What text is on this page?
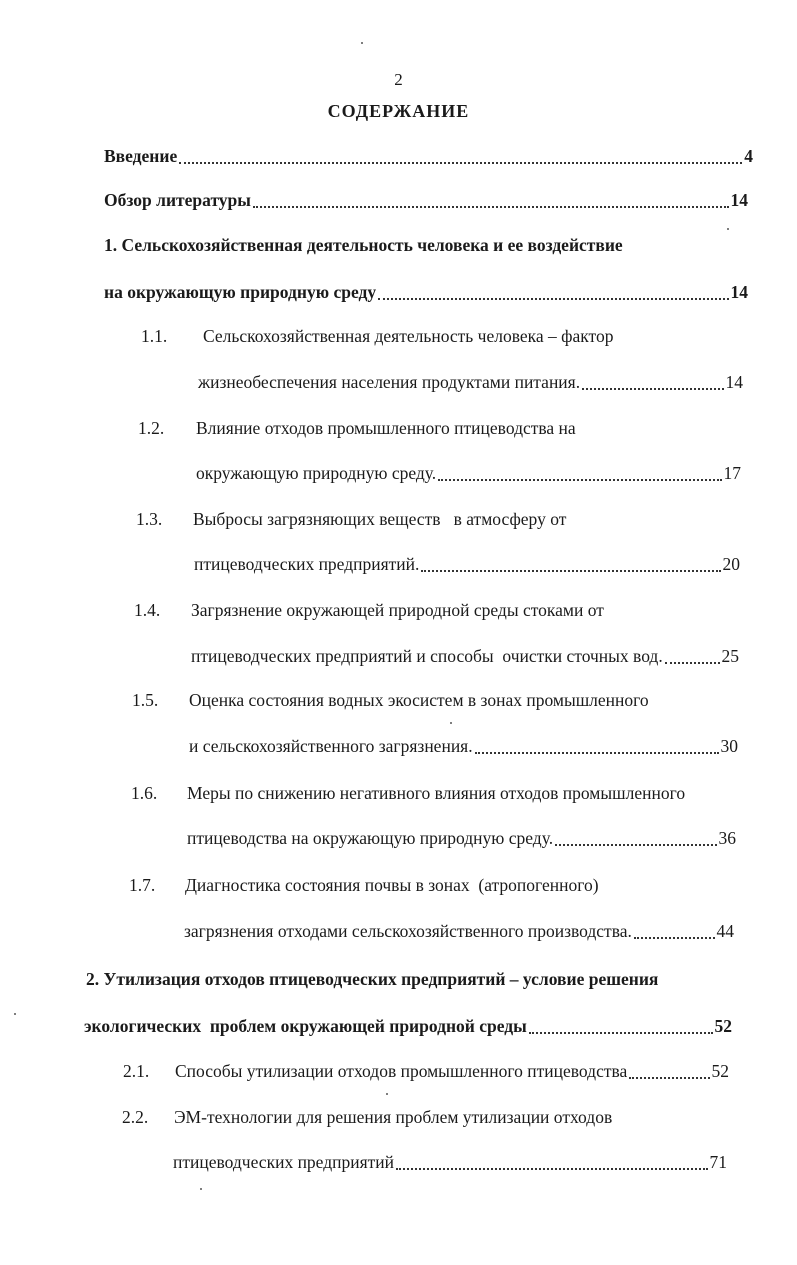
2
СОДЕРЖАНИЕ
Введение	4
Обзор литературы	14
1. Сельскохозяйственная деятельность человека и ее воздействие
на окружающую природную среду	14
1.1.	Сельскохозяйственная деятельность человека – фактор
жизнеобеспечения населения продуктами питания.	14
1.2.	Влияние отходов промышленного птицеводства на
окружающую природную среду.	17
1.3.	Выбросы загрязняющих веществ   в атмосферу от
птицеводческих предприятий.	20
1.4.	Загрязнение окружающей природной среды стоками от
птицеводческих предприятий и способы  очистки сточных вод.	25
1.5.	Оценка состояния водных экосистем в зонах промышленного
и сельскохозяйственного загрязнения.	30
1.6.	Меры по снижению негативного влияния отходов промышленного
птицеводства на окружающую природную среду.	36
1.7.	Диагностика состояния почвы в зонах  (атропогенного)
загрязнения отходами сельскохозяйственного производства.	44
2. Утилизация отходов птицеводческих предприятий – условие решения
экологических  проблем окружающей природной среды	52
2.1.	Способы утилизации отходов промышленного птицеводства	52
2.2.	ЭМ-технологии для решения проблем утилизации отходов
птицеводческих предприятий	71
